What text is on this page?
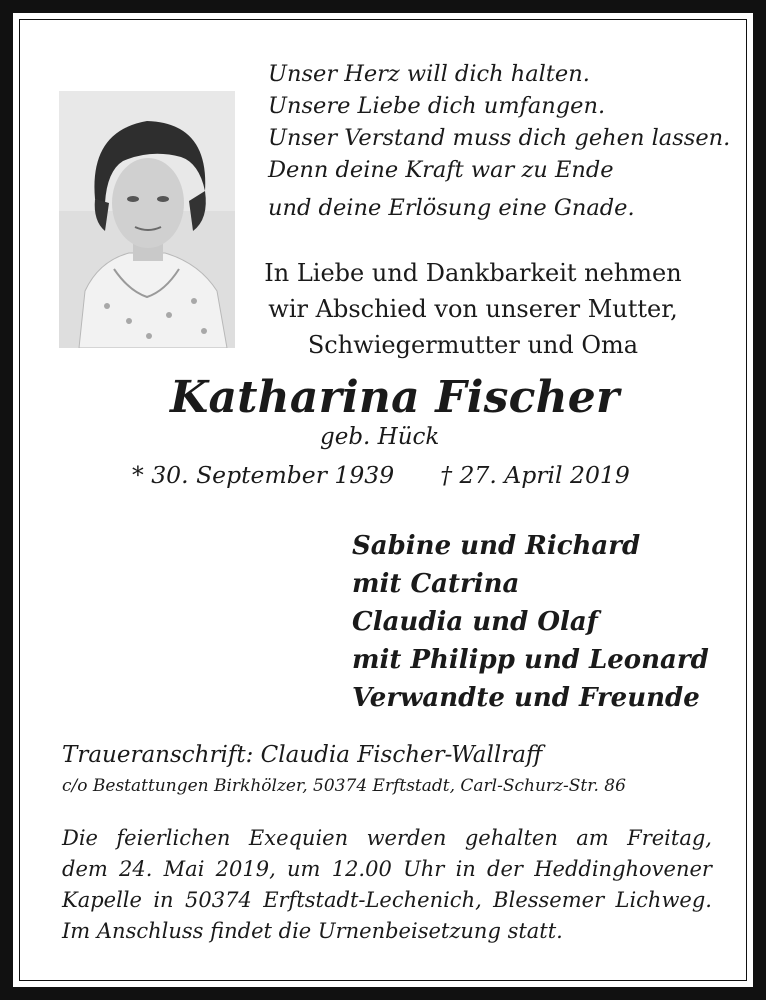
Unser Herz will dich halten.
Unsere Liebe dich umfangen.
Unser Verstand muss dich gehen lassen.
Denn deine Kraft war zu Ende
und deine Erlösung eine Gnade.
In Liebe und Dankbarkeit nehmen
wir Abschied von unserer Mutter,
Schwiegermutter und Oma
Katharina Fischer
geb. Hück
* 30. September 1939 † 27. April 2019
Sabine und Richard
mit Catrina
Claudia und Olaf
mit Philipp und Leonard
Verwandte und Freunde
Traueranschrift: Claudia Fischer-Wallraff
c/o Bestattungen Birkhölzer, 50374 Erftstadt, Carl-Schurz-Str. 86
Die feierlichen Exequien werden gehalten am Freitag,
dem 24. Mai 2019, um 12.00 Uhr in der Heddinghovener
Kapelle in 50374 Erftstadt-Lechenich, Blessemer Lichweg.
Im Anschluss findet die Urnenbeisetzung statt.
